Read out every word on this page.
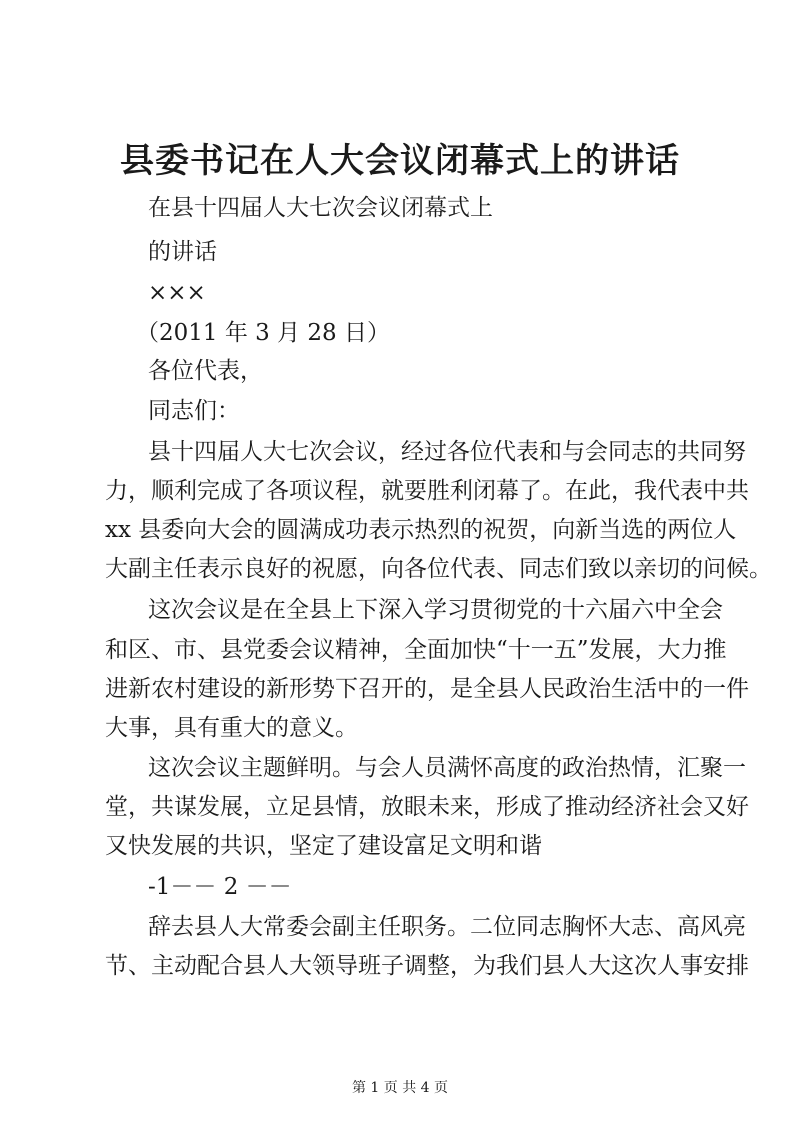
县委书记在人大会议闭幕式上的讲话
在县十四届人大七次会议闭幕式上
的讲话
×××
（2011 年 3 月 28 日）
各位代表，
同志们：
县十四届人大七次会议，经过各位代表和与会同志的共同努
力，顺利完成了各项议程，就要胜利闭幕了。在此，我代表中共
xx 县委向大会的圆满成功表示热烈的祝贺，向新当选的两位人
大副主任表示良好的祝愿，向各位代表、同志们致以亲切的问候。
这次会议是在全县上下深入学习贯彻党的十六届六中全会
和区、市、县党委会议精神，全面加快“十一五”发展，大力推
进新农村建设的新形势下召开的，是全县人民政治生活中的一件
大事，具有重大的意义。
这次会议主题鲜明。与会人员满怀高度的政治热情，汇聚一
堂，共谋发展，立足县情，放眼未来，形成了推动经济社会又好
又快发展的共识，坚定了建设富足文明和谐
-1－－ 2 －－
辞去县人大常委会副主任职务。二位同志胸怀大志、高风亮
节、主动配合县人大领导班子调整，为我们县人大这次人事安排
第 1 页 共 4 页
